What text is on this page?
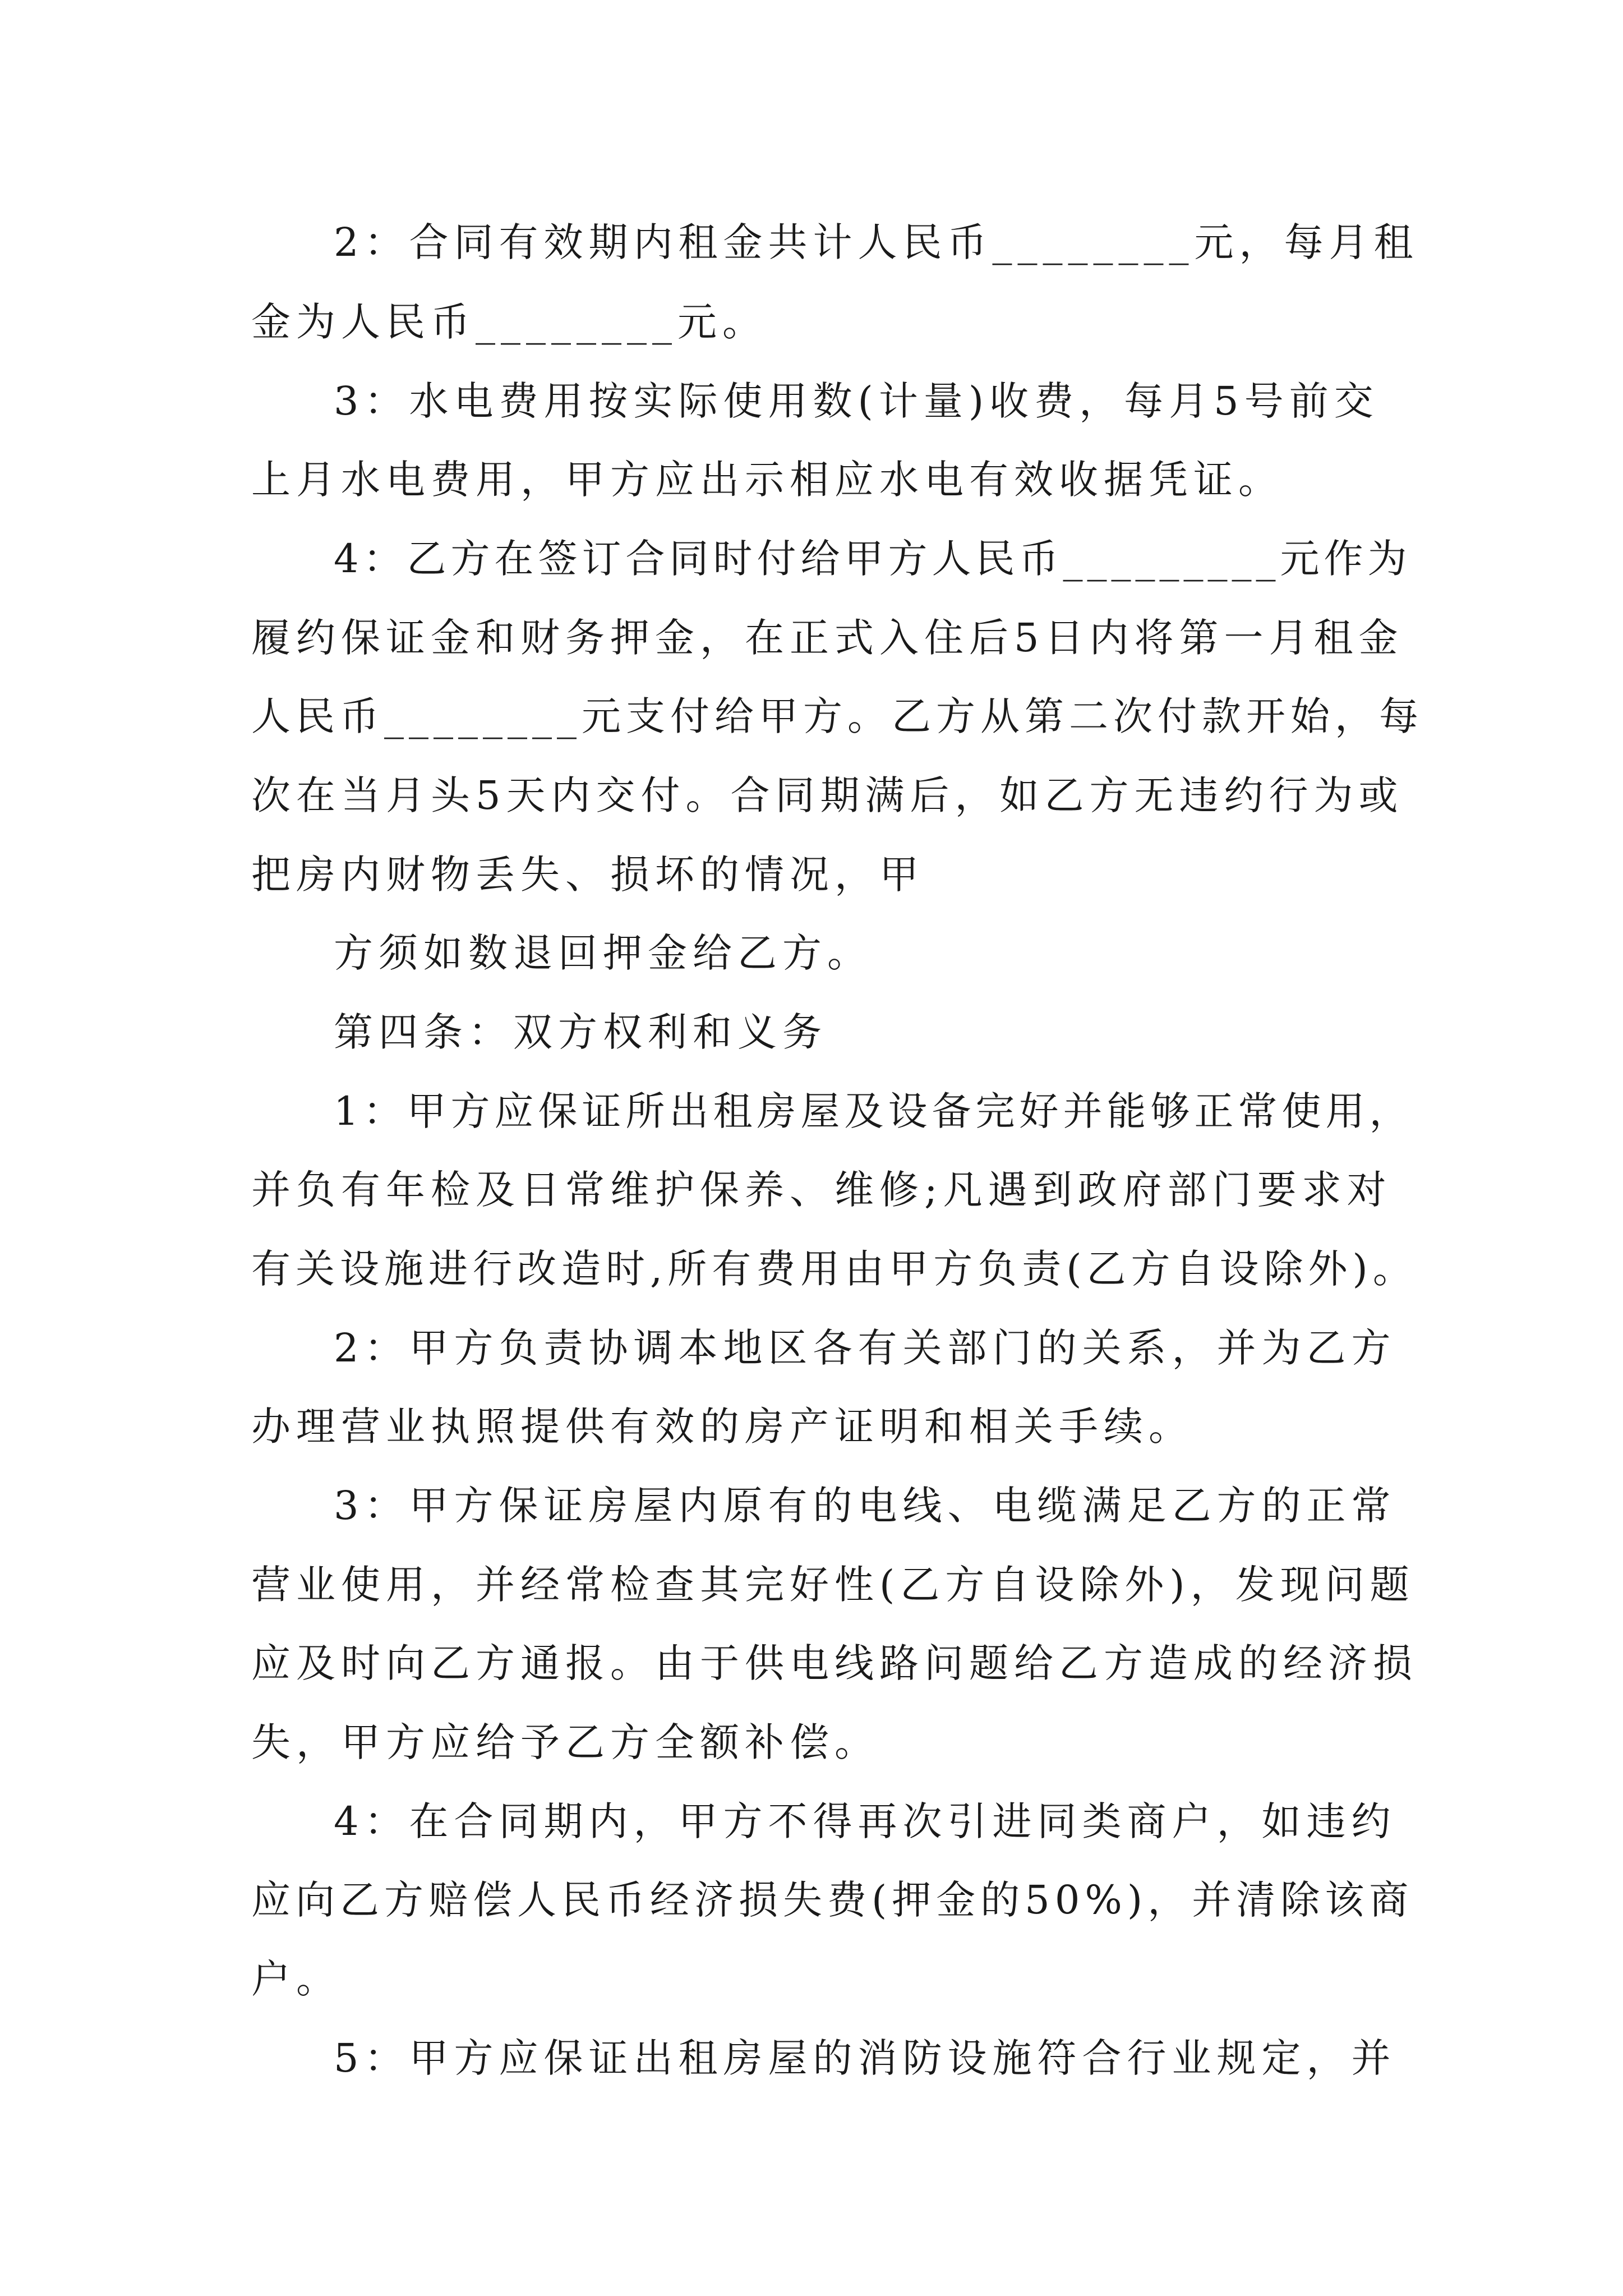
2：合同有效期内租金共计人民币________元，每月租
金为人民币________元。
3：水电费用按实际使用数(计量)收费，每月5号前交
上月水电费用，甲方应出示相应水电有效收据凭证。
4：乙方在签订合同时付给甲方人民币_________元作为
履约保证金和财务押金，在正式入住后5日内将第一月租金
人民币________元支付给甲方。乙方从第二次付款开始，每
次在当月头5天内交付。合同期满后，如乙方无违约行为或
把房内财物丢失、损坏的情况，甲
方须如数退回押金给乙方。
第四条：双方权利和义务
1：甲方应保证所出租房屋及设备完好并能够正常使用，
并负有年检及日常维护保养、维修;凡遇到政府部门要求对
有关设施进行改造时,所有费用由甲方负责(乙方自设除外)。
2：甲方负责协调本地区各有关部门的关系，并为乙方
办理营业执照提供有效的房产证明和相关手续。
3：甲方保证房屋内原有的电线、电缆满足乙方的正常
营业使用，并经常检查其完好性(乙方自设除外)，发现问题
应及时向乙方通报。由于供电线路问题给乙方造成的经济损
失，甲方应给予乙方全额补偿。
4：在合同期内，甲方不得再次引进同类商户，如违约
应向乙方赔偿人民币经济损失费(押金的50%)，并清除该商
户。
5：甲方应保证出租房屋的消防设施符合行业规定，并
